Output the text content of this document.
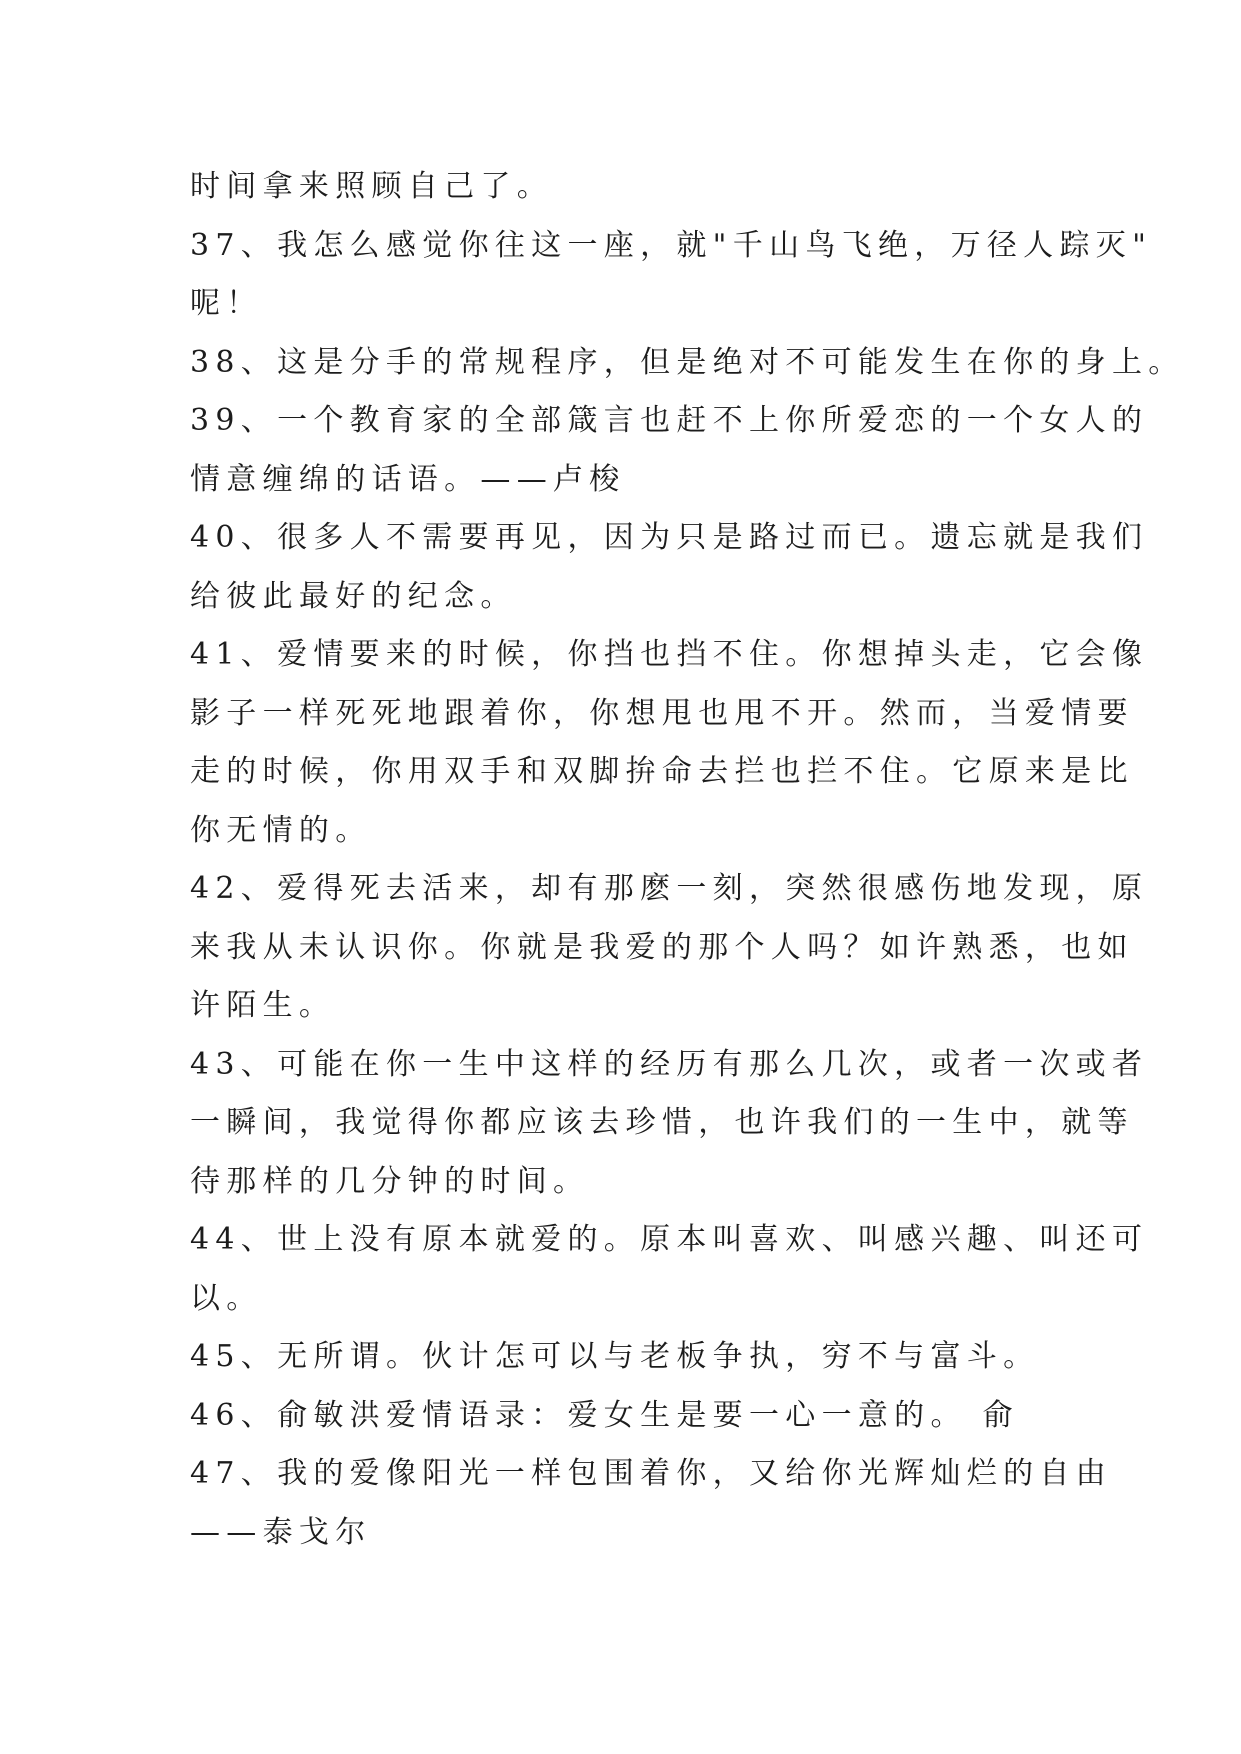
时间拿来照顾自己了。

37、我怎么感觉你往这一座，就"千山鸟飞绝，万径人踪灭"

呢！

38、这是分手的常规程序，但是绝对不可能发生在你的身上。

39、一个教育家的全部箴言也赶不上你所爱恋的一个女人的

情意缠绵的话语。——卢梭

40、很多人不需要再见，因为只是路过而已。遗忘就是我们

给彼此最好的纪念。

41、爱情要来的时候，你挡也挡不住。你想掉头走，它会像

影子一样死死地跟着你，你想甩也甩不开。然而，当爱情要

走的时候，你用双手和双脚拚命去拦也拦不住。它原来是比

你无情的。

42、爱得死去活来，却有那麽一刻，突然很感伤地发现，原

来我从未认识你。你就是我爱的那个人吗？如许熟悉，也如

许陌生。

43、可能在你一生中这样的经历有那么几次，或者一次或者

一瞬间，我觉得你都应该去珍惜，也许我们的一生中，就等

待那样的几分钟的时间。

44、世上没有原本就爱的。原本叫喜欢、叫感兴趣、叫还可

以。

45、无所谓。伙计怎可以与老板争执，穷不与富斗。

46、俞敏洪爱情语录：爱女生是要一心一意的。 俞

47、我的爱像阳光一样包围着你，又给你光辉灿烂的自由

——泰戈尔
